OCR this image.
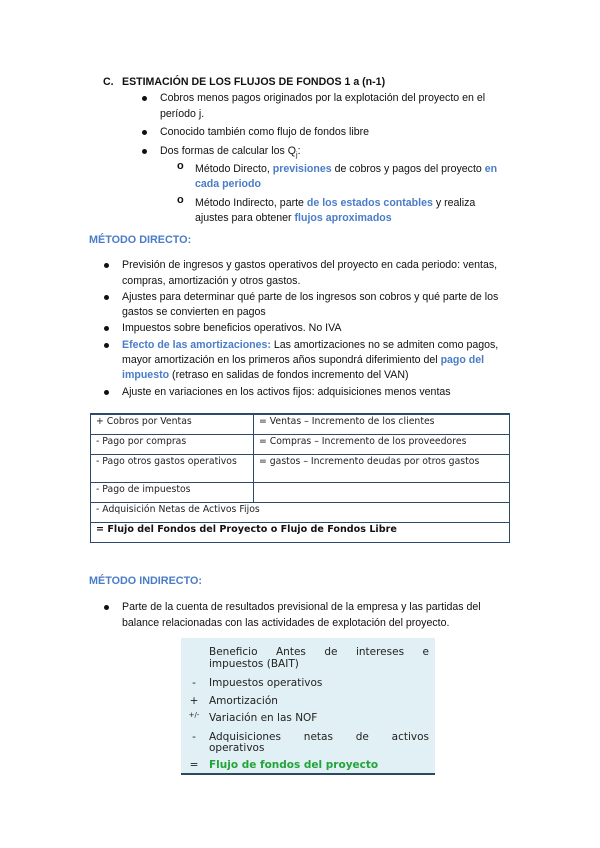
C. ESTIMACIÓN DE LOS FLUJOS DE FONDOS 1 a (n-1)
Cobros menos pagos originados por la explotación del proyecto en el
período j.
Conocido también como flujo de fondos libre
Dos formas de calcular los $Q_j$:
o Método Directo, previsiones de cobros y pagos del proyecto en
cada periodo
o Método Indirecto, parte de los estados contables y realiza
ajustes para obtener flujos aproximados
MÉTODO DIRECTO:
Previsión de ingresos y gastos operativos del proyecto en cada periodo: ventas,
compras, amortización y otros gastos.
Ajustes para determinar qué parte de los ingresos son cobros y qué parte de los
gastos se convierten en pagos
Impuestos sobre beneficios operativos. No IVA
Efecto de las amortizaciones: Las amortizaciones no se admiten como pagos,
mayor amortización en los primeros años supondrá diferimiento del pago del
impuesto (retraso en salidas de fondos incremento del VAN)
Ajuste en variaciones en los activos fijos: adquisiciones menos ventas
+ Cobros por Ventas	= Ventas – Incremento de los clientes
- Pago por compras	= Compras – Incremento de los proveedores
- Pago otros gastos operativos	= gastos – Incremento deudas por otros gastos
- Pago de impuestos	
- Adquisición Netas de Activos Fijos	
= Flujo del Fondos del Proyecto o Flujo de Fondos Libre	
MÉTODO INDIRECTO:
Parte de la cuenta de resultados previsional de la empresa y las partidas del
balance relacionadas con las actividades de explotación del proyecto.
Beneficio Antes de intereses e
impuestos (BAIT)
-	Impuestos operativos
+ Amortización
+/- Variación en las NOF
-	Adquisiciones netas de activos
operativos
= Flujo de fondos del proyecto
